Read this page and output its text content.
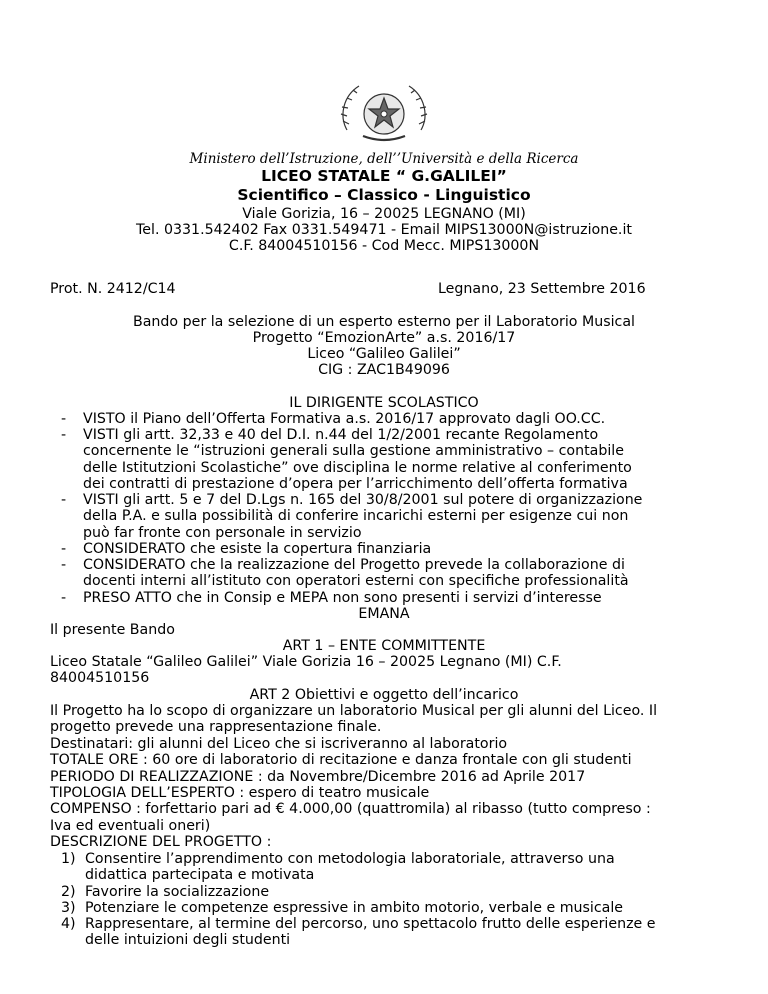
Ministero dell’Istruzione, dell’’Università e della Ricerca
LICEO STATALE “ G.GALILEI”
Scientifico – Classico - Linguistico
Viale Gorizia, 16 – 20025 LEGNANO (MI)
Tel. 0331.542402 Fax 0331.549471 - Email MIPS13000N@istruzione.it
C.F. 84004510156 - Cod Mecc. MIPS13000N
Prot. N. 2412/C14	Legnano, 23 Settembre 2016
Bando per la selezione di un esperto esterno per il Laboratorio Musical
Progetto “EmozionArte” a.s. 2016/17
Liceo “Galileo Galilei”
CIG : ZAC1B49096
IL DIRIGENTE SCOLASTICO
- VISTO il Piano dell’Offerta Formativa a.s. 2016/17 approvato dagli OO.CC.

- VISTI gli artt. 32,33 e 40 del D.I. n.44 del 1/2/2001 recante Regolamento

concernente le “istruzioni generali sulla gestione amministrativo – contabile

delle Istitutzioni Scolastiche” ove disciplina le norme relative al conferimento

dei contratti di prestazione d’opera per l’arricchimento dell’offerta formativa

- VISTI gli artt. 5 e 7 del D.Lgs n. 165 del 30/8/2001 sul potere di organizzazione

della P.A. e sulla possibilità di conferire incarichi esterni per esigenze cui non

può far fronte con personale in servizio

- CONSIDERATO che esiste la copertura finanziaria

- CONSIDERATO che la realizzazione del Progetto prevede la collaborazione di

docenti interni all’istituto con operatori esterni con specifiche professionalità

- PRESO ATTO che in Consip e MEPA non sono presenti i servizi d’interesse

EMANA
Il presente Bando
ART 1 – ENTE COMMITTENTE

Liceo Statale “Galileo Galilei” Viale Gorizia 16 – 20025 Legnano (MI) C.F.

84004510156

ART 2 Obiettivi e oggetto dell’incarico

Il Progetto ha lo scopo di organizzare un laboratorio Musical per gli alunni del Liceo. Il

progetto prevede una rappresentazione finale.

Destinatari: gli alunni del Liceo che si iscriveranno al laboratorio

TOTALE ORE : 60 ore di laboratorio di recitazione e danza frontale con gli studenti

PERIODO DI REALIZZAZIONE : da Novembre/Dicembre 2016 ad Aprile 2017

TIPOLOGIA DELL’ESPERTO : espero di teatro musicale

COMPENSO : forfettario pari ad € 4.000,00 (quattromila) al ribasso (tutto compreso :

Iva ed eventuali oneri)

DESCRIZIONE DEL PROGETTO :

1) Consentire l’apprendimento con metodologia laboratoriale, attraverso una

didattica partecipata e motivata

2) Favorire la socializzazione

3) Potenziare le competenze espressive in ambito motorio, verbale e musicale

4) Rappresentare, al termine del percorso, uno spettacolo frutto delle esperienze e

delle intuizioni degli studenti
